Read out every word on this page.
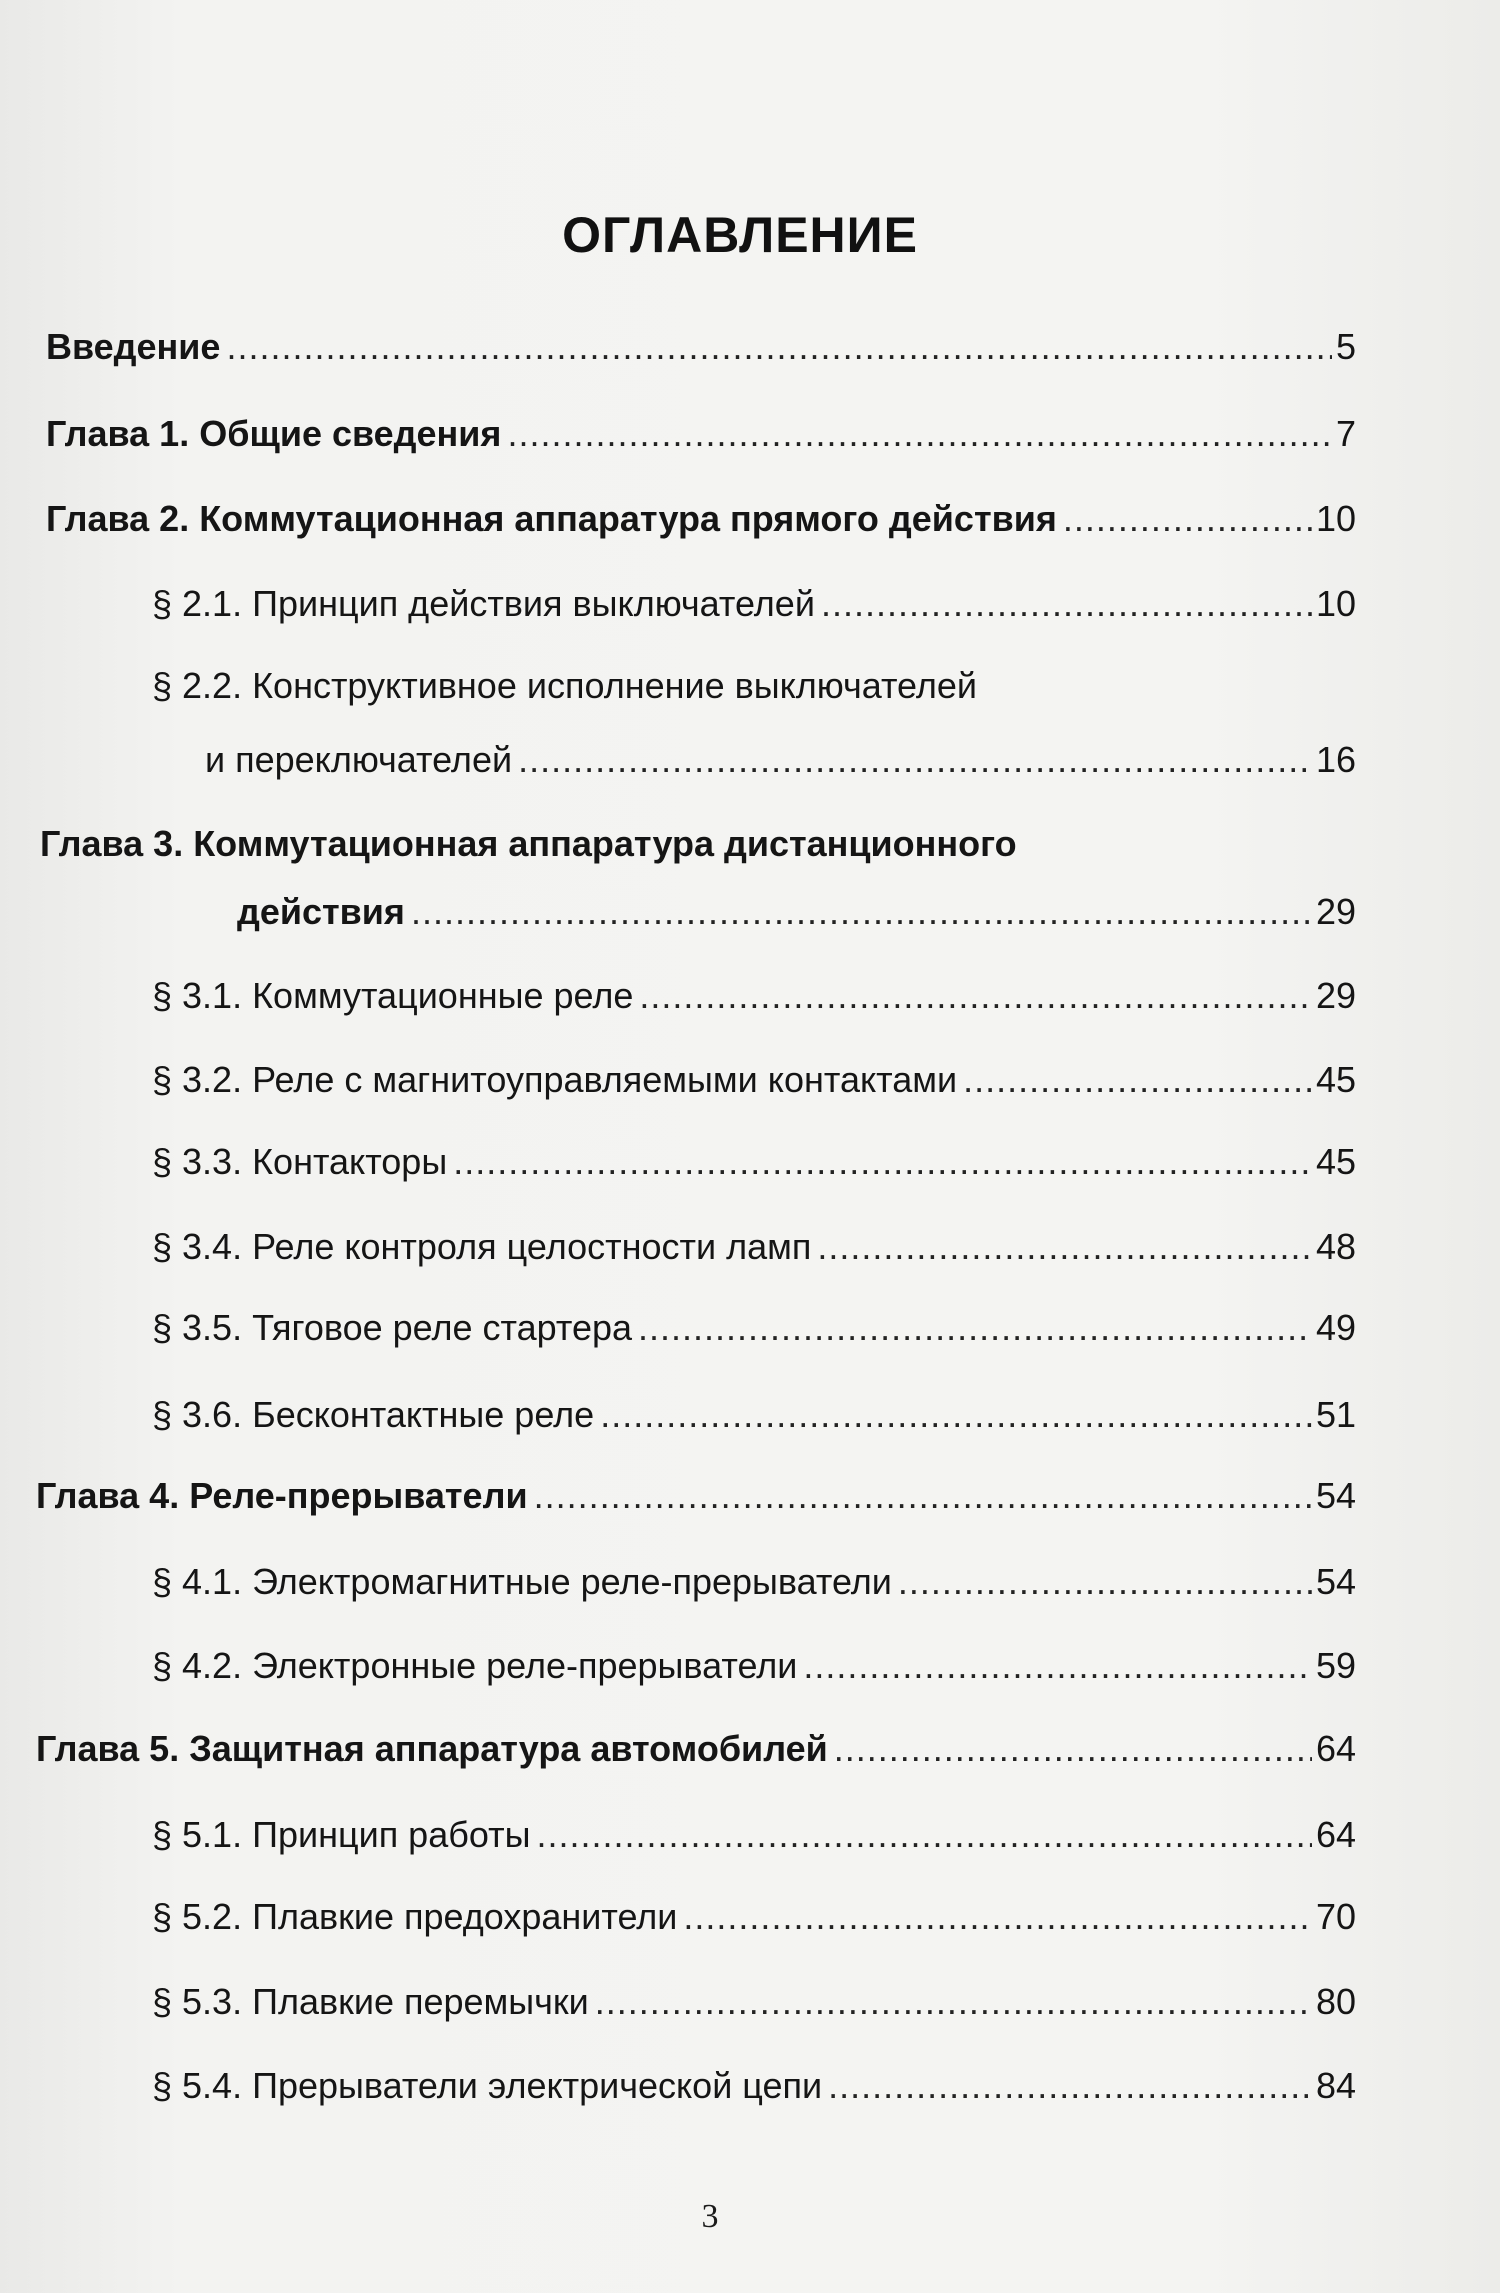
ОГЛАВЛЕНИЕ
Введение .....	5
Глава 1. Общие сведения .....	7
Глава 2. Коммутационная аппаратура прямого действия .....	10
§ 2.1. Принцип действия выключателей .....	10
§ 2.2. Конструктивное исполнение выключателей
и переключателей .....	16
Глава 3. Коммутационная аппаратура дистанционного
действия .....	29
§ 3.1. Коммутационные реле .....	29
§ 3.2. Реле с магнитоуправляемыми контактами .....	45
§ 3.3. Контакторы .....	45
§ 3.4. Реле контроля целостности ламп .....	48
§ 3.5. Тяговое реле стартера .....	49
§ 3.6. Бесконтактные реле .....	51
Глава 4. Реле-прерыватели .....	54
§ 4.1. Электромагнитные реле-прерыватели .....	54
§ 4.2. Электронные реле-прерыватели .....	59
Глава 5. Защитная аппаратура автомобилей .....	64
§ 5.1. Принцип работы .....	64
§ 5.2. Плавкие предохранители .....	70
§ 5.3. Плавкие перемычки .....	80
§ 5.4. Прерыватели электрической цепи .....	84
3
